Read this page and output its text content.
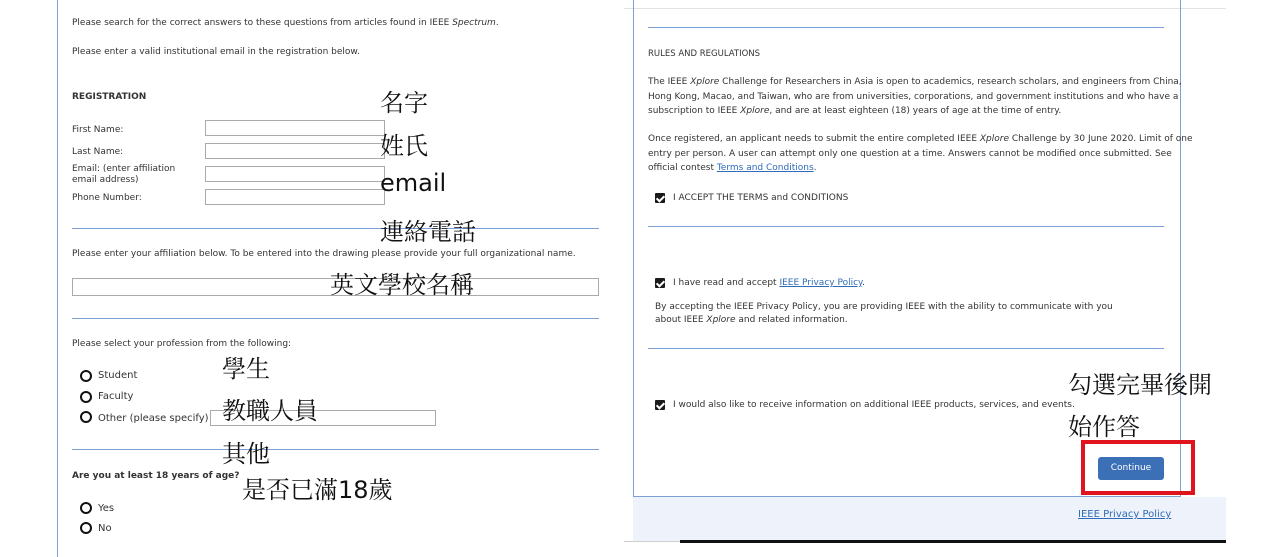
Please search for the correct answers to these questions from articles found in IEEE Spectrum.
Please enter a valid institutional email in the registration below.
REGISTRATION
First Name:
Last Name:
Email: (enter affiliation
email address)
Phone Number:
Please enter your affiliation below. To be entered into the drawing please provide your full organizational name.
Please select your profession from the following:
Student
Faculty
Other (please specify)
Are you at least 18 years of age?
Yes
No
名字
姓氏
email
連絡電話
英文學校名稱
學生
教職人員
其他
是否已滿18歲
RULES AND REGULATIONS
The IEEE Xplore Challenge for Researchers in Asia is open to academics, research scholars, and engineers from China,
Hong Kong, Macao, and Taiwan, who are from universities, corporations, and government institutions and who have a
subscription to IEEE Xplore, and are at least eighteen (18) years of age at the time of entry.
Once registered, an applicant needs to submit the entire completed IEEE Xplore Challenge by 30 June 2020. Limit of one
entry per person. A user can attempt only one question at a time. Answers cannot be modified once submitted. See
official contest Terms and Conditions.
I ACCEPT THE TERMS and CONDITIONS
I have read and accept IEEE Privacy Policy.
By accepting the IEEE Privacy Policy, you are providing IEEE with the ability to communicate with you
about IEEE Xplore and related information.
I would also like to receive information on additional IEEE products, services, and events.
勾選完畢後開
始作答
Continue
IEEE Privacy Policy
